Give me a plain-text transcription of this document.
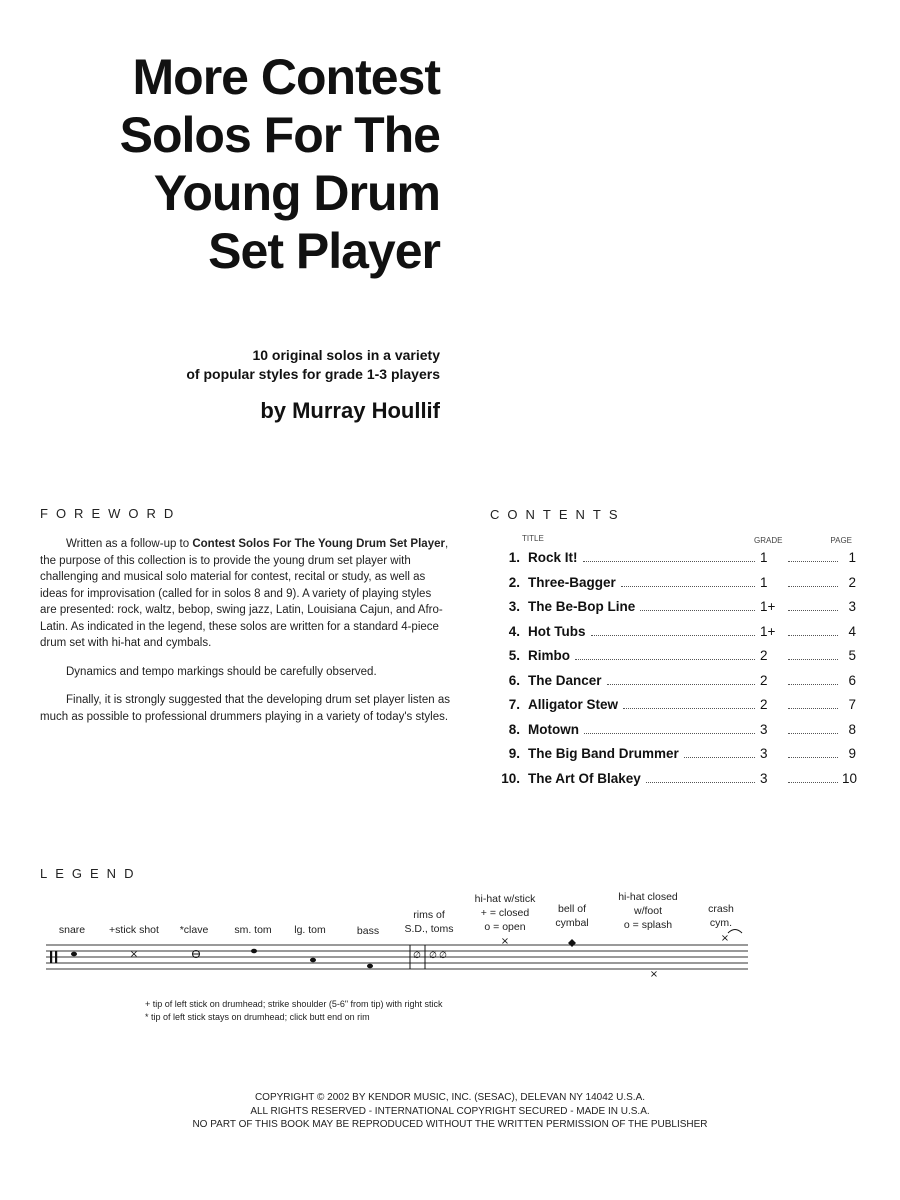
More Contest
Solos For The
Young Drum
Set Player
10 original solos in a variety
of popular styles for grade 1-3 players
by Murray Houllif
FOREWORD

Written as a follow-up to Contest Solos For The Young Drum Set Player, the purpose of this collection is to provide the young drum set player with challenging and musical solo material for contest, recital or study, as well as ideas for improvisation (called for in solos 8 and 9). A variety of playing styles are presented: rock, waltz, bebop, swing jazz, Latin, Louisiana Cajun, and Afro-Latin. As indicated in the legend, these solos are written for a standard 4-piece drum set with hi-hat and cymbals.

Dynamics and tempo markings should be carefully observed.

Finally, it is strongly suggested that the developing drum set player listen as much as possible to professional drummers playing in a variety of today's styles.

CONTENTS
TITLE	GRADE	PAGE
1. Rock It!	1	1
2. Three-Bagger	1	2
3. The Be-Bop Line	1+	3
4. Hot Tubs	1+	4
5. Rimbo	2	5
6. The Dancer	2	6
7. Alligator Stew	2	7
8. Motown	3	8
9. The Big Band Drummer	3	9
10. The Art Of Blakey	3	10
LEGEND
snare +stick shot *clave sm. tom lg. tom	bass
rims of
S.D., toms
hi-hat w/stick
+ = closed
o = open
bell of
cymbal
hi-hat closed
w/foot
o = splash
crash
cym.
×	∅ ∅ ∅
×
×
×
+ tip of left stick on drumhead; strike shoulder (5-6" from tip) with right stick
* tip of left stick stays on drumhead; click butt end on rim
COPYRIGHT © 2002 BY KENDOR MUSIC, INC. (SESAC), DELEVAN NY 14042 U.S.A.
ALL RIGHTS RESERVED - INTERNATIONAL COPYRIGHT SECURED - MADE IN U.S.A.
NO PART OF THIS BOOK MAY BE REPRODUCED WITHOUT THE WRITTEN PERMISSION OF THE PUBLISHER
